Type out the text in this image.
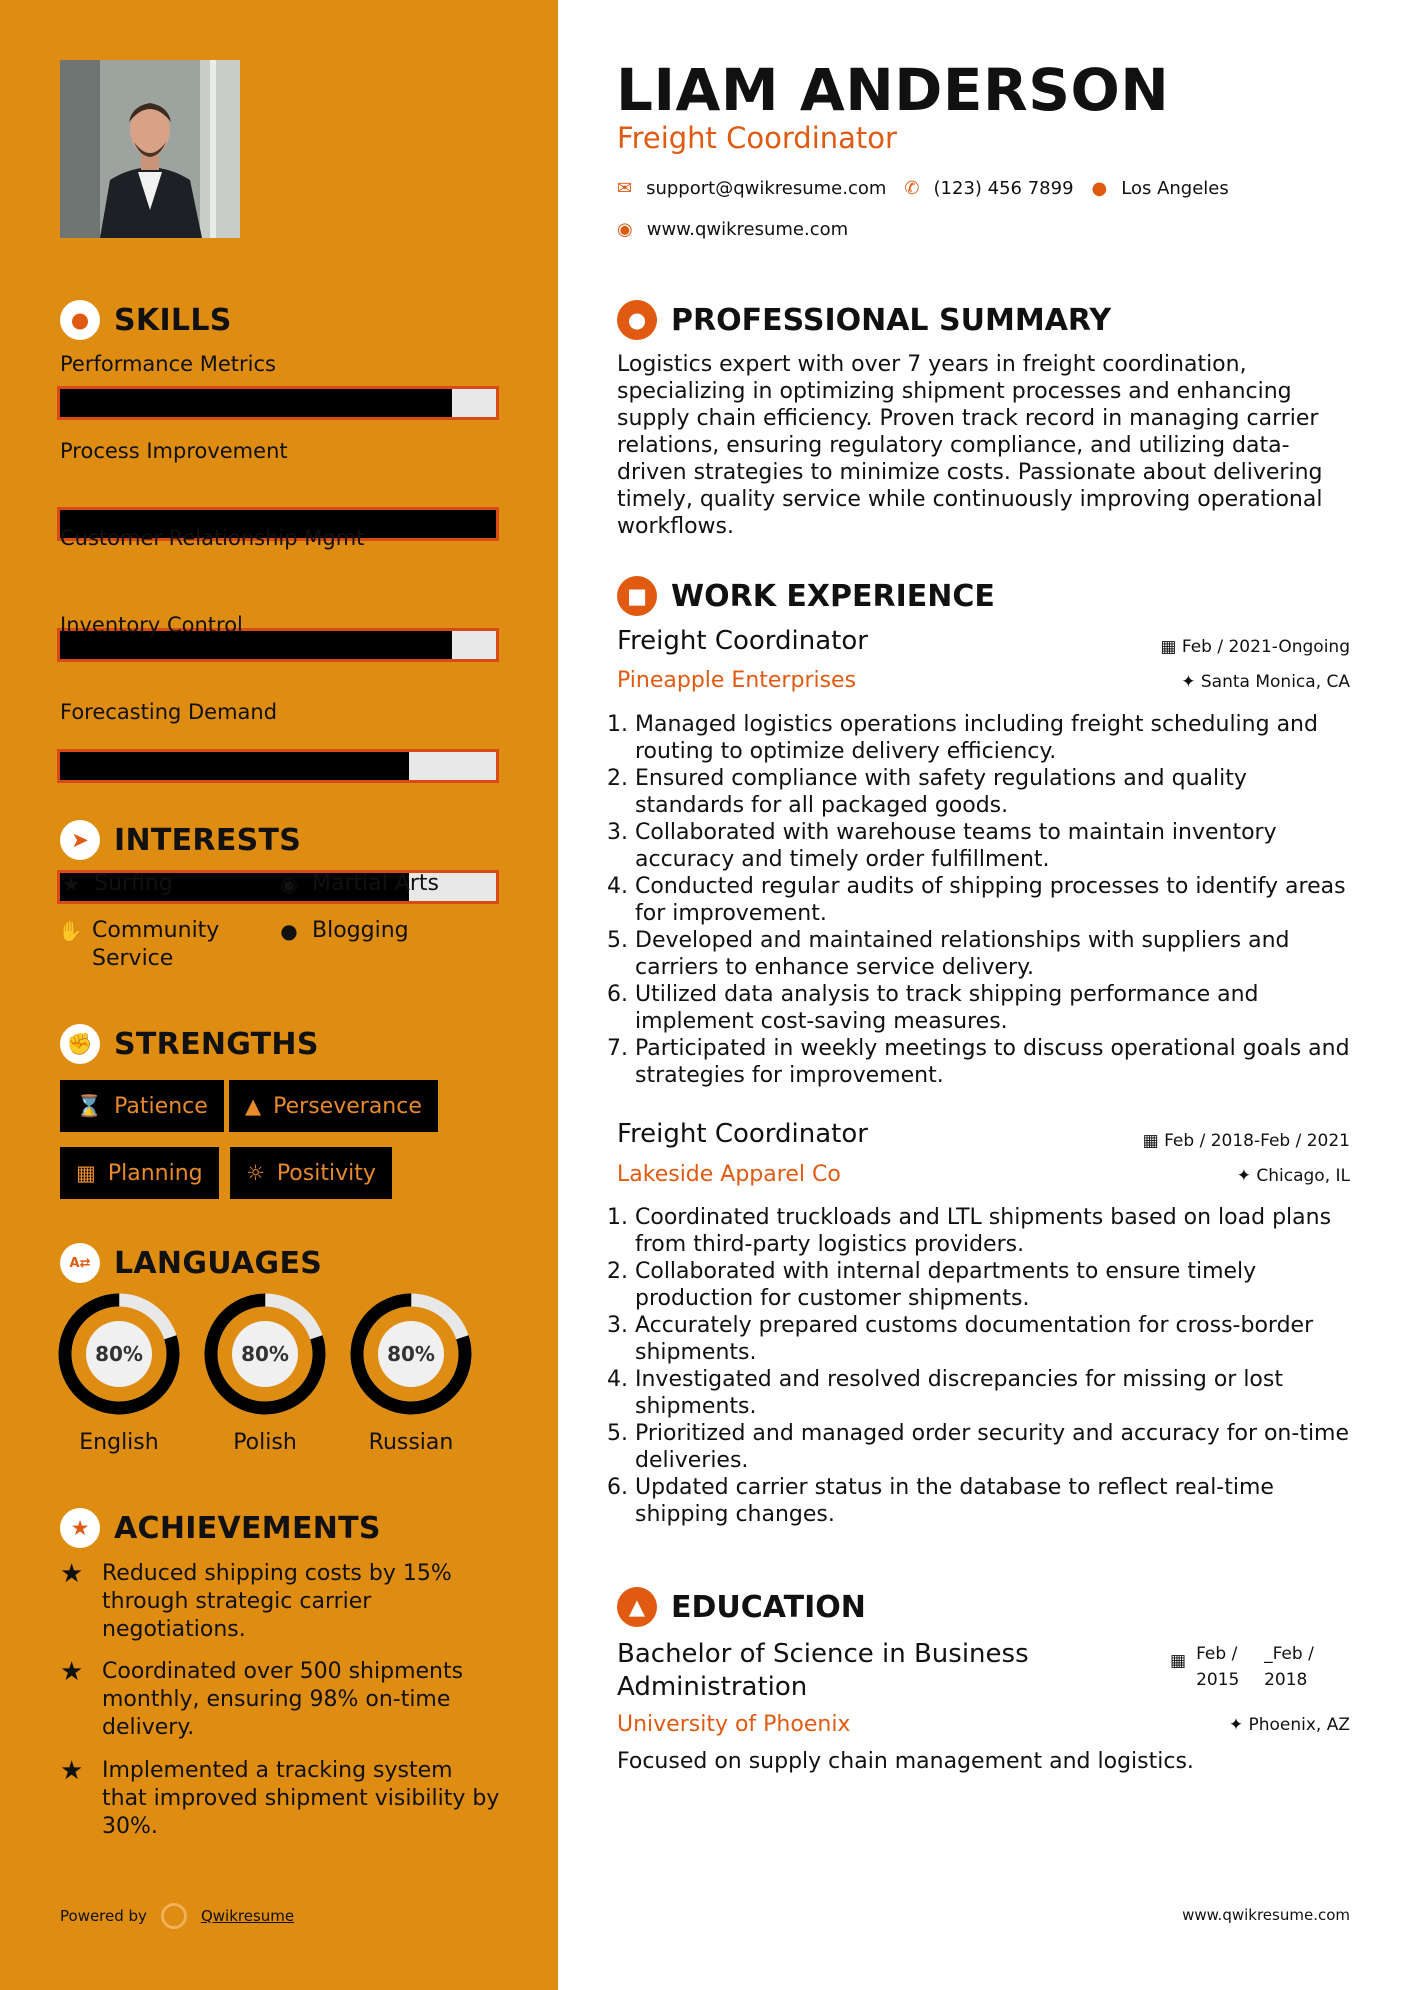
● SKILLS
Performance Metrics
Process Improvement
Customer Relationship Mgmt
Inventory Control
Forecasting Demand
➤ INTERESTS
★ Surfing	◉ Martial Arts
✋ Community Service
● Blogging
✊ STRENGTHS
⌛ Patience ▲ Perseverance
▦ Planning ☼ Positivity
A⇄ LANGUAGES
80%
English
80%
Polish
80%
Russian
★ ACHIEVEMENTS
★ Reduced shipping costs by 15% through strategic carrier negotiations.
★ Coordinated over 500 shipments monthly, ensuring 98% on-time delivery.
★ Implemented a tracking system that improved shipment visibility by 30%.
Powered by	Qwikresume
LIAM ANDERSON
Freight Coordinator
✉ support@qwikresume.com ✆ (123) 456 7899 ● Los Angeles
◉ www.qwikresume.com
● PROFESSIONAL SUMMARY
Logistics expert with over 7 years in freight coordination, specializing in optimizing shipment processes and enhancing supply chain efficiency. Proven track record in managing carrier relations, ensuring regulatory compliance, and utilizing data-driven strategies to minimize costs. Passionate about delivering timely, quality service while continuously improving operational workflows.
■ WORK EXPERIENCE
Freight Coordinator	▦ Feb / 2021-Ongoing
Pineapple Enterprises	✦ Santa Monica, CA
1. Managed logistics operations including freight scheduling and routing to optimize delivery efficiency.
2. Ensured compliance with safety regulations and quality standards for all packaged goods.
3. Collaborated with warehouse teams to maintain inventory accuracy and timely order fulfillment.
4. Conducted regular audits of shipping processes to identify areas for improvement.
5. Developed and maintained relationships with suppliers and carriers to enhance service delivery.
6. Utilized data analysis to track shipping performance and implement cost-saving measures.
7. Participated in weekly meetings to discuss operational goals and strategies for improvement.
Freight Coordinator	▦ Feb / 2018-Feb / 2021
Lakeside Apparel Co	✦ Chicago, IL
1. Coordinated truckloads and LTL shipments based on load plans from third-party logistics providers.
2. Collaborated with internal departments to ensure timely production for customer shipments.
3. Accurately prepared customs documentation for cross-border shipments.
4. Investigated and resolved discrepancies for missing or lost shipments.
5. Prioritized and managed order security and accuracy for on-time deliveries.
6. Updated carrier status in the database to reflect real-time shipping changes.
▲ EDUCATION
Bachelor of Science in Business Administration
▦ Feb / 2015
_Feb / 2018
University of Phoenix	✦ Phoenix, AZ
Focused on supply chain management and logistics.
www.qwikresume.com
